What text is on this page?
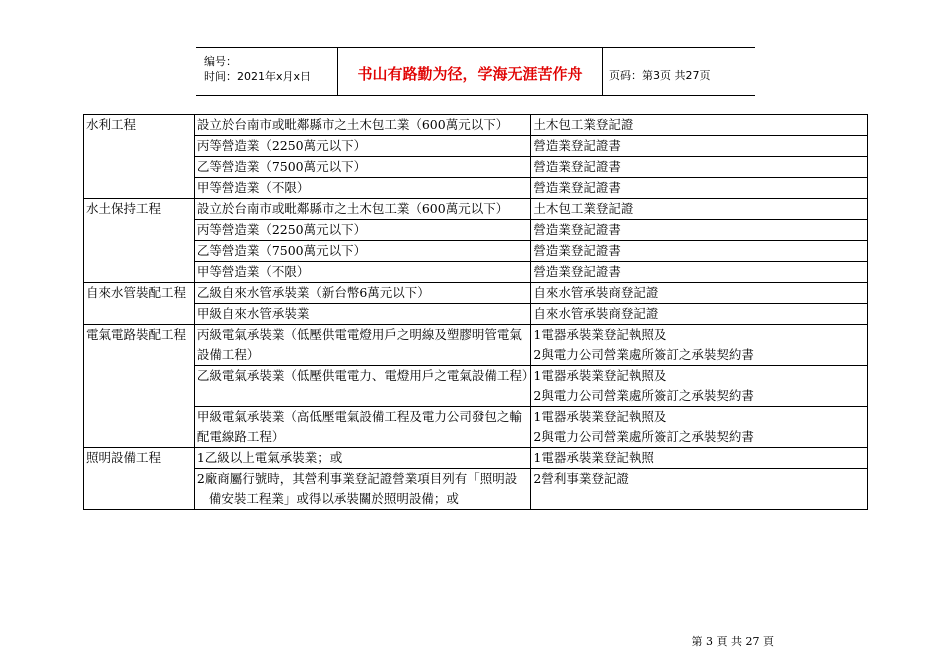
编号：
时间：2021年x月x日	书山有路勤为径，学海无涯苦作舟	页码：第3页 共27页
水利工程	設立於台南市或毗鄰縣市之土木包工業（600萬元以下）	土木包工業登記證
	丙等營造業（2250萬元以下）	營造業登記證書
	乙等營造業（7500萬元以下）	營造業登記證書
	甲等營造業（不限）	營造業登記證書
水土保持工程	設立於台南市或毗鄰縣市之土木包工業（600萬元以下）	土木包工業登記證
	丙等營造業（2250萬元以下）	營造業登記證書
	乙等營造業（7500萬元以下）	營造業登記證書
	甲等營造業（不限）	營造業登記證書
自來水管裝配工程	乙級自來水管承裝業（新台幣6萬元以下）	自來水管承裝商登記證
	甲級自來水管承裝業	自來水管承裝商登記證
電氣電路裝配工程	丙級電氣承裝業（低壓供電電燈用戶之明線及塑膠明管電氣設備工程）	1電器承裝業登記執照及
2與電力公司營業處所簽訂之承裝契約書

	乙級電氣承裝業（低壓供電電力、電燈用戶之電氣設備工程）	1電器承裝業登記執照及
2與電力公司營業處所簽訂之承裝契約書

	甲級電氣承裝業（高低壓電氣設備工程及電力公司發包之輸配電線路工程）	1電器承裝業登記執照及
2與電力公司營業處所簽訂之承裝契約書

照明設備工程	1乙級以上電氣承裝業；或	1電器承裝業登記執照
	2廠商屬行號時，其營利事業登記證營業項目列有「照明設備安裝工程業」或得以承裝關於照明設備；或	2營利事業登記證
第 3 頁 共 27 頁
